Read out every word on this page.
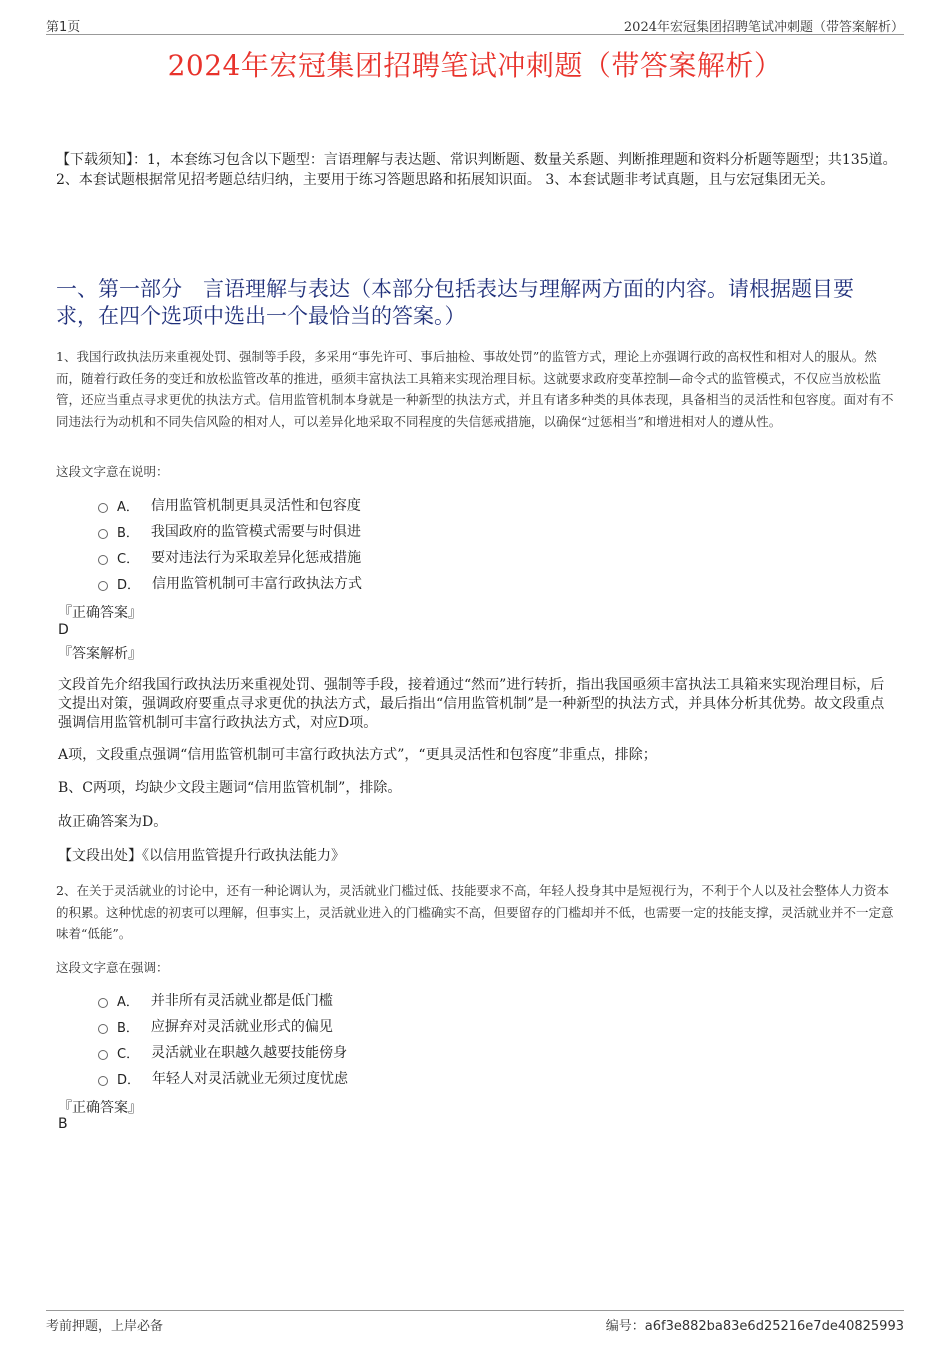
第1页	2024年宏冠集团招聘笔试冲刺题（带答案解析）
2024年宏冠集团招聘笔试冲刺题（带答案解析）
【下载须知】：1，本套练习包含以下题型：言语理解与表达题、常识判断题、数量关系题、判断推理题和资料分析题等题型；共135道。 2、本套试题根据常见招考题总结归纳，主要用于练习答题思路和拓展知识面。 3、本套试题非考试真题，且与宏冠集团无关。
一、第一部分　言语理解与表达（本部分包括表达与理解两方面的内容。请根据题目要求，在四个选项中选出一个最恰当的答案。）
1、我国行政执法历来重视处罚、强制等手段，多采用“事先许可、事后抽检、事故处罚”的监管方式，理论上亦强调行政的高权性和相对人的服从。然而，随着行政任务的变迁和放松监管改革的推进，亟须丰富执法工具箱来实现治理目标。这就要求政府变革控制—命令式的监管模式，不仅应当放松监管，还应当重点寻求更优的执法方式。信用监管机制本身就是一种新型的执法方式，并且有诸多种类的具体表现，具备相当的灵活性和包容度。面对有不同违法行为动机和不同失信风险的相对人，可以差异化地采取不同程度的失信惩戒措施，以确保“过惩相当”和增进相对人的遵从性。
这段文字意在说明：
A． 信用监管机制更具灵活性和包容度
B． 我国政府的监管模式需要与时俱进
C． 要对违法行为采取差异化惩戒措施
D． 信用监管机制可丰富行政执法方式
『正确答案』
D
『答案解析』
文段首先介绍我国行政执法历来重视处罚、强制等手段，接着通过“然而”进行转折，指出我国亟须丰富执法工具箱来实现治理目标，后文提出对策，强调政府要重点寻求更优的执法方式，最后指出“信用监管机制”是一种新型的执法方式，并具体分析其优势。故文段重点强调信用监管机制可丰富行政执法方式，对应D项。
A项，文段重点强调“信用监管机制可丰富行政执法方式”，“更具灵活性和包容度”非重点，排除；
B、C两项，均缺少文段主题词“信用监管机制”，排除。
故正确答案为D。
【文段出处】《以信用监管提升行政执法能力》
2、在关于灵活就业的讨论中，还有一种论调认为，灵活就业门槛过低、技能要求不高，年轻人投身其中是短视行为，不利于个人以及社会整体人力资本的积累。这种忧虑的初衷可以理解，但事实上，灵活就业进入的门槛确实不高，但要留存的门槛却并不低，也需要一定的技能支撑，灵活就业并不一定意味着“低能”。
这段文字意在强调：
A． 并非所有灵活就业都是低门槛
B． 应摒弃对灵活就业形式的偏见
C． 灵活就业在职越久越要技能傍身
D． 年轻人对灵活就业无须过度忧虑
『正确答案』
B
考前押题，上岸必备	编号：a6f3e882ba83e6d25216e7de40825993
